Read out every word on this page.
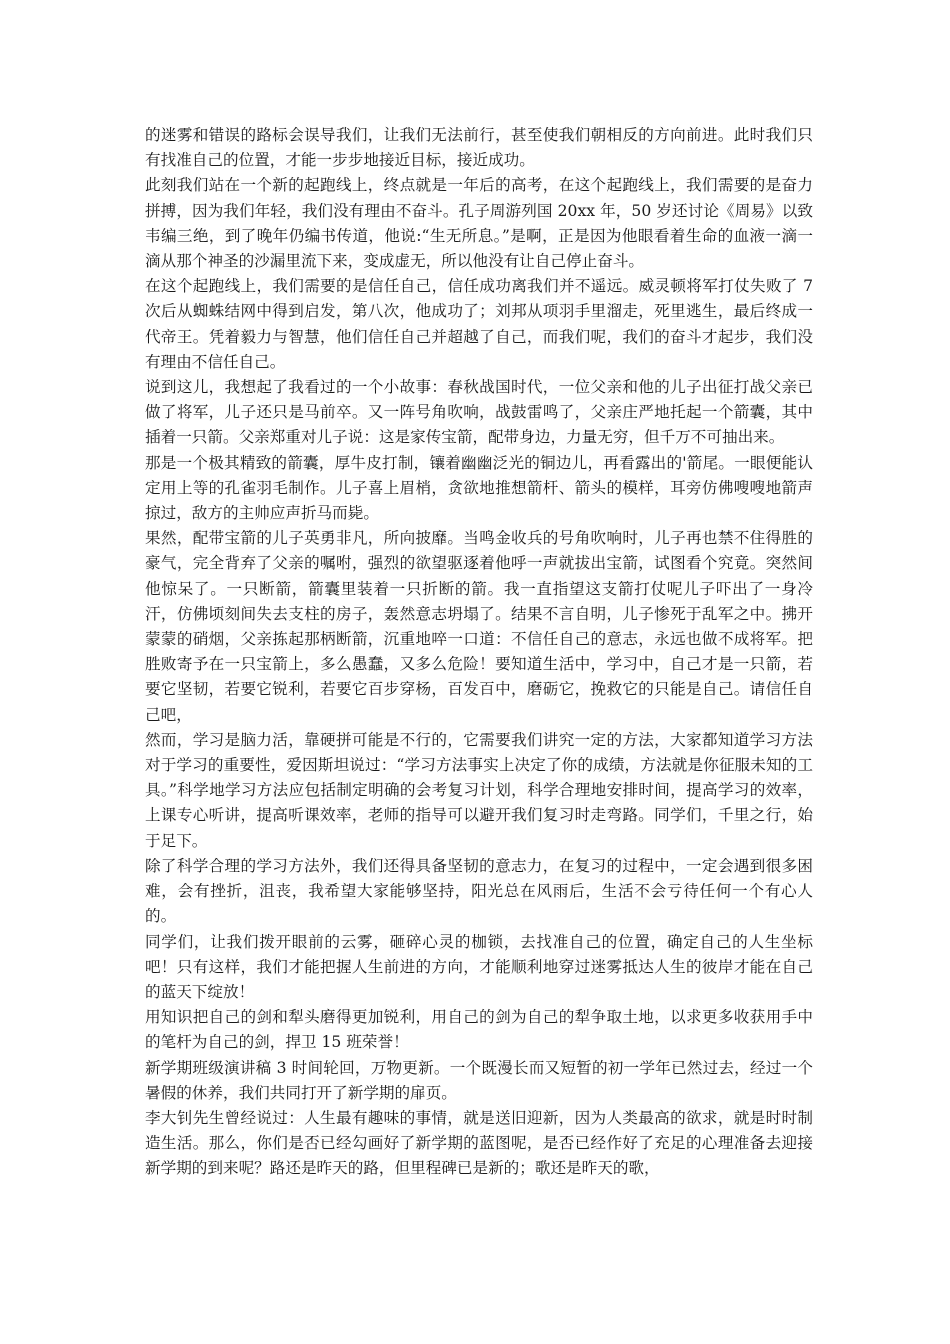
的迷雾和错误的路标会误导我们，让我们无法前行，甚至使我们朝相反的方向前进。此时我们只有找准自己的位置，才能一步步地接近目标，接近成功。

此刻我们站在一个新的起跑线上，终点就是一年后的高考，在这个起跑线上，我们需要的是奋力拼搏，因为我们年轻，我们没有理由不奋斗。孔子周游列国 20xx 年，50 岁还讨论《周易》以致韦编三绝，到了晚年仍编书传道，他说:“生无所息。”是啊，正是因为他眼看着生命的血液一滴一滴从那个神圣的沙漏里流下来，变成虚无，所以他没有让自己停止奋斗。

在这个起跑线上，我们需要的是信任自己，信任成功离我们并不遥远。威灵顿将军打仗失败了 7 次后从蜘蛛结网中得到启发，第八次，他成功了；刘邦从项羽手里溜走，死里逃生，最后终成一代帝王。凭着毅力与智慧，他们信任自己并超越了自己，而我们呢，我们的奋斗才起步，我们没有理由不信任自己。

说到这儿，我想起了我看过的一个小故事：春秋战国时代，一位父亲和他的儿子出征打战父亲已做了将军，儿子还只是马前卒。又一阵号角吹响，战鼓雷鸣了，父亲庄严地托起一个箭囊，其中插着一只箭。父亲郑重对儿子说：这是家传宝箭，配带身边，力量无穷，但千万不可抽出来。

那是一个极其精致的箭囊，厚牛皮打制，镶着幽幽泛光的铜边儿，再看露出的'箭尾。一眼便能认定用上等的孔雀羽毛制作。儿子喜上眉梢，贪欲地推想箭杆、箭头的模样，耳旁仿佛嗖嗖地箭声掠过，敌方的主帅应声折马而毙。

果然，配带宝箭的儿子英勇非凡，所向披靡。当鸣金收兵的号角吹响时，儿子再也禁不住得胜的豪气，完全背弃了父亲的嘱咐，强烈的欲望驱逐着他呼一声就拔出宝箭，试图看个究竟。突然间他惊呆了。一只断箭，箭囊里装着一只折断的箭。我一直指望这支箭打仗呢儿子吓出了一身冷汗，仿佛顷刻间失去支柱的房子，轰然意志坍塌了。结果不言自明，儿子惨死于乱军之中。拂开蒙蒙的硝烟，父亲拣起那柄断箭，沉重地啐一口道：不信任自己的意志，永远也做不成将军。把胜败寄予在一只宝箭上，多么愚蠢，又多么危险！要知道生活中，学习中，自己才是一只箭，若要它坚韧，若要它锐利，若要它百步穿杨，百发百中，磨砺它，挽救它的只能是自己。请信任自己吧，

然而，学习是脑力活，靠硬拼可能是不行的，它需要我们讲究一定的方法，大家都知道学习方法对于学习的重要性，爱因斯坦说过：“学习方法事实上决定了你的成绩，方法就是你征服未知的工具。”科学地学习方法应包括制定明确的会考复习计划，科学合理地安排时间，提高学习的效率，上课专心听讲，提高听课效率，老师的指导可以避开我们复习时走弯路。同学们，千里之行，始于足下。

除了科学合理的学习方法外，我们还得具备坚韧的意志力，在复习的过程中，一定会遇到很多困难，会有挫折，沮丧，我希望大家能够坚持，阳光总在风雨后，生活不会亏待任何一个有心人的。

同学们，让我们拨开眼前的云雾，砸碎心灵的枷锁，去找准自己的位置，确定自己的人生坐标吧！只有这样，我们才能把握人生前进的方向，才能顺利地穿过迷雾抵达人生的彼岸才能在自己的蓝天下绽放！

用知识把自己的剑和犁头磨得更加锐利，用自己的剑为自己的犁争取土地，以求更多收获用手中的笔杆为自己的剑，捍卫 15 班荣誉！

新学期班级演讲稿 3 时间轮回，万物更新。一个既漫长而又短暂的初一学年已然过去，经过一个暑假的休养，我们共同打开了新学期的扉页。

李大钊先生曾经说过：人生最有趣味的事情，就是送旧迎新，因为人类最高的欲求，就是时时制造生活。那么，你们是否已经勾画好了新学期的蓝图呢，是否已经作好了充足的心理准备去迎接新学期的到来呢？路还是昨天的路，但里程碑已是新的；歌还是昨天的歌，
